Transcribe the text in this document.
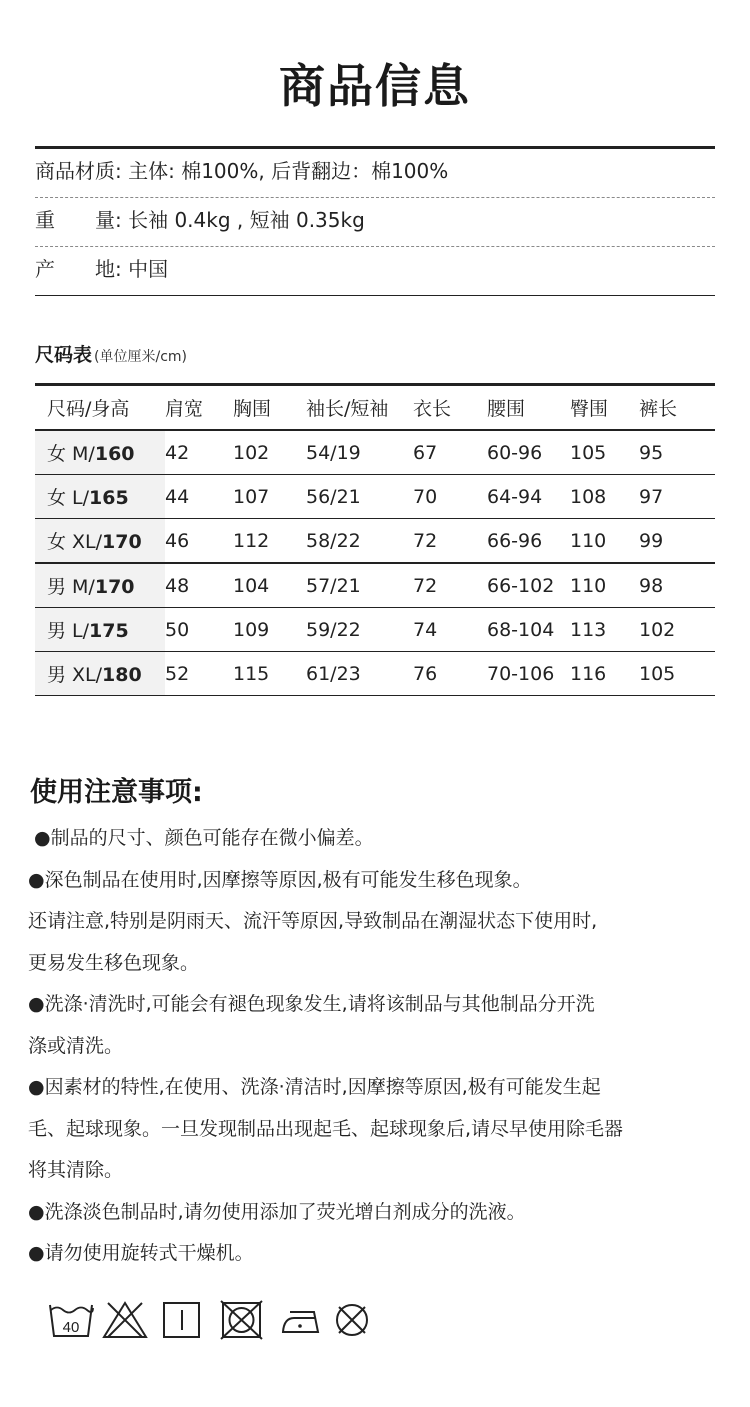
商品信息
商品材质: 主体: 棉100%, 后背翻边：棉100%
重　　量: 长袖 0.4kg , 短袖 0.35kg
产　　地: 中国
尺码表 (单位厘米/cm)
尺码/身高	肩宽	胸围	袖长/短袖	衣长	腰围	臀围	裤长
女 M/160	42	102	54/19	67	60-96	105	95
女 L/165	44	107	56/21	70	64-94	108	97
女 XL/170	46	112	58/22	72	66-96	110	99
男 M/170	48	104	57/21	72	66-102	110	98
男 L/175	50	109	59/22	74	68-104	113	102
男 XL/180	52	115	61/23	76	70-106	116	105
使用注意事项:

●制品的尺寸、颜色可能存在微小偏差。

●深色制品在使用时,因摩擦等原因,极有可能发生移色现象。

还请注意,特别是阴雨天、流汗等原因,导致制品在潮湿状态下使用时,

更易发生移色现象。

●洗涤·清洗时,可能会有褪色现象发生,请将该制品与其他制品分开洗

涤或清洗。

●因素材的特性,在使用、洗涤·清洁时,因摩擦等原因,极有可能发生起

毛、起球现象。一旦发现制品出现起毛、起球现象后,请尽早使用除毛器

将其清除。

●洗涤淡色制品时,请勿使用添加了荧光增白剂成分的洗液。

●请勿使用旋转式干燥机。

40
